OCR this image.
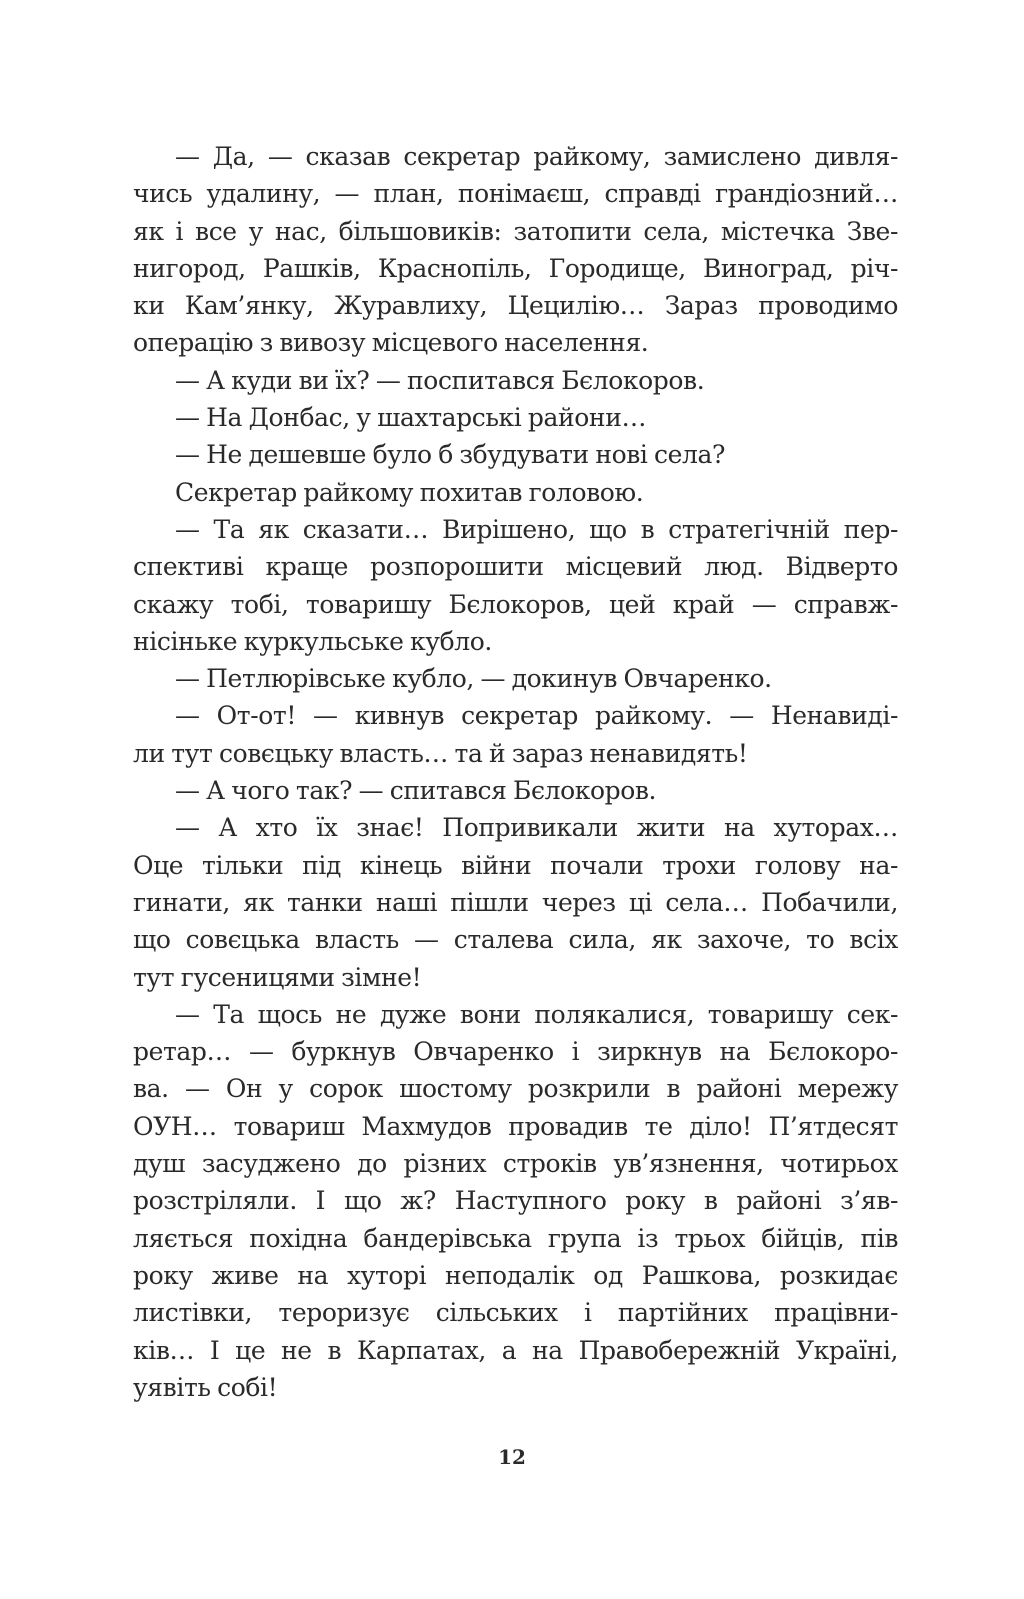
— Да, — сказав секретар райкому, замислено дивля-
чись удалину, — план, понімаєш, справді грандіозний…
як і все у нас, більшовиків: затопити села, містечка Зве-
нигород, Рашків, Краснопіль, Городище, Виноград, річ-
ки Кам’янку, Журавлиху, Цецилію… Зараз проводимо
операцію з вивозу місцевого населення.
— А куди ви їх? — поспитався Бєлокоров.
— На Донбас, у шахтарські райони…
— Не дешевше було б збудувати нові села?
Секретар райкому похитав головою.
— Та як сказати… Вирішено, що в стратегічній пер-
спективі краще розпорошити місцевий люд. Відверто
скажу тобі, товаришу Бєлокоров, цей край — справж-
нісінькe куркульське кубло.
— Петлюрівське кубло, — докинув Овчаренко.
— От-от! — кивнув секретар райкому. — Ненавиді-
ли тут совєцьку власть… та й зараз ненавидять!
— А чого так? — спитався Бєлокоров.
— А хто їх знає! Попривикали жити на хуторах…
Оце тільки під кінець війни почали трохи голову на-
гинати, як танки наші пішли через ці села… Побачили,
що совєцька власть — сталева сила, як захоче, то всіх
тут гусеницями зімне!
— Та щось не дуже вони полякалися, товаришу сек-
ретар… — буркнув Овчаренко і зиркнув на Бєлокоро-
ва. — Он у сорок шостому розкрили в районі мережу
ОУН… товариш Махмудов провадив те діло! П’ятдесят
душ засуджено до різних строків ув’язнення, чотирьох
розстріляли. І що ж? Наступного року в районі з’яв-
ляється похідна бандерівська група із трьох бійців, пів
року живе на хуторі неподалік од Рашкова, розкидає
листівки, тероризує сільських і партійних працівни-
ків… І це не в Карпатах, а на Правобережній Україні,
уявіть собі!
12
